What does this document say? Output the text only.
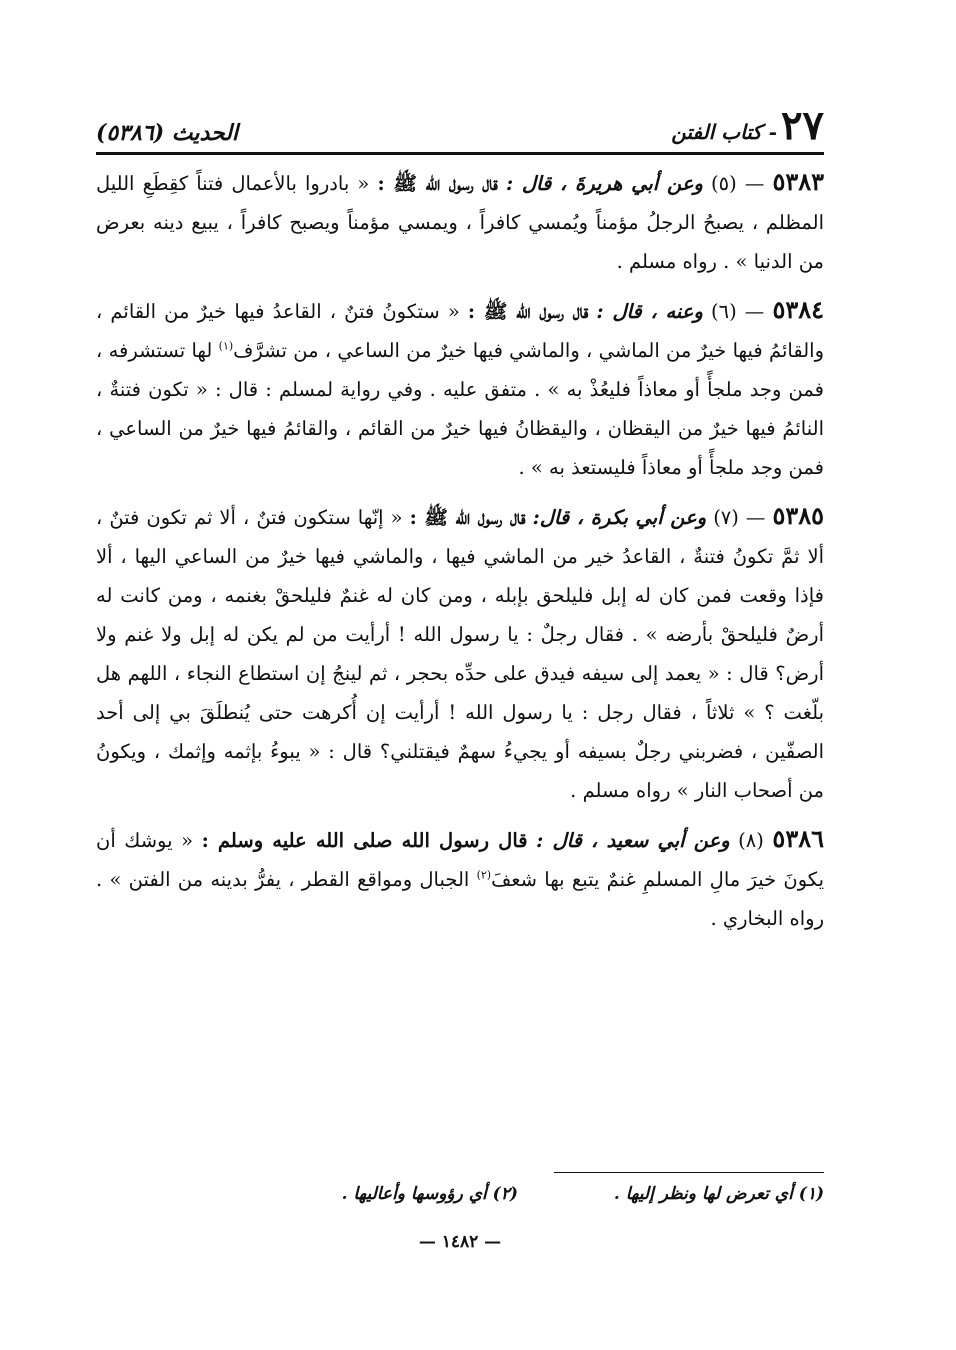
٢٧
- كتاب الفتن
الحديث (٥٣٨٦)

٥٣٨٣ — (٥) وعن أبي هريرةَ ، قال : قال رسول الله ﷺ : « بادروا بالأعمال فتناً كقِطَعِ الليل المظلم ، يصبحُ الرجلُ مؤمناً ويُمسي كافراً ، ويمسي مؤمناً ويصبح كافراً ، يبيع دينه بعرض من الدنيا » . رواه مسلم .

٥٣٨٤ — (٦) وعنه ، قال : قال رسول الله ﷺ : « ستكونُ فتنٌ ، القاعدُ فيها خيرٌ من القائم ، والقائمُ فيها خيرٌ من الماشي ، والماشي فيها خيرٌ من الساعي ، من تشرَّف$^{(١)}$ لها تستشرفه ، فمن وجد ملجأً أو معاذاً فليعُذْ به » . متفق عليه . وفي رواية لمسلم : قال : « تكون فتنةٌ ، النائمُ فيها خيرٌ من اليقظان ، واليقظانُ فيها خيرٌ من القائم ، والقائمُ فيها خيرٌ من الساعي ، فمن وجد ملجأً أو معاذاً فليستعذ به » .

٥٣٨٥ — (٧) وعن أبي بكرة ، قال: قال رسول الله ﷺ : « إنّها ستكون فتنٌ ، ألا ثم تكون فتنٌ ، ألا ثمَّ تكونُ فتنةٌ ، القاعدُ خير من الماشي فيها ، والماشي فيها خيرٌ من الساعي اليها ، ألا فإذا وقعت فمن كان له إبل فليلحق بإبله ، ومن كان له غنمٌ فليلحقْ بغنمه ، ومن كانت له أرضٌ فليلحقْ بأرضه » . فقال رجلٌ : يا رسول الله ! أرأيت من لم يكن له إبل ولا غنم ولا أرض؟ قال : « يعمد إلى سيفه فيدق على حدِّه بحجر ، ثم لينجُ إن استطاع النجاء ، اللهم هل بلّغت ؟ » ثلاثاً ، فقال رجل : يا رسول الله ! أرأيت إن أُكرهت حتى يُنطلَقَ بي إلى أحد الصفّين ، فضربني رجلٌ بسيفه أو يجيءُ سهمٌ فيقتلني؟ قال : « يبوءُ بإثمه وإثمك ، ويكونُ من أصحاب النار » رواه مسلم .

٥٣٨٦ (٨) وعن أبي سعيد ، قال : قال رسول الله صلى الله عليه وسلم : « يوشك أن يكونَ خيرَ مالِ المسلمِ غنمٌ يتبع بها شعفَ$^{(٢)}$ الجبال ومواقع القطر ، يفرُّ بدينه من الفتن » . رواه البخاري .

(١) أي تعرض لها ونظر إليها .
(٢) أي رؤوسها وأعاليها .
— ١٤٨٢ —
